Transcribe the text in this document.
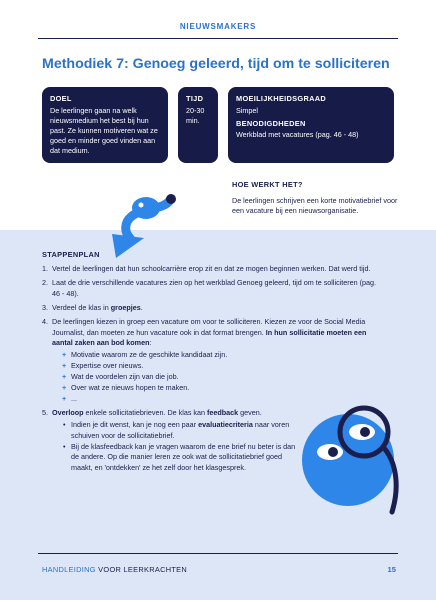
NIEUWSMAKERS
Methodiek 7: Genoeg geleerd, tijd om te solliciteren
DOEL
De leerlingen gaan na welk nieuwsmedium het best bij hun past. Ze kunnen motiveren wat ze goed en minder goed vinden aan dat medium.
TIJD
20-30 min.
MOEILIJKHEIDSGRAAD
Simpel
BENODIGDHEDEN
Werkblad met vacatures (pag. 46 - 48)
HOE WERKT HET?
De leerlingen schrijven een korte motivatiebrief voor een vacature bij een nieuwsorganisatie.
STAPPENPLAN
1. Vertel de leerlingen dat hun schoolcarrière erop zit en dat ze mogen beginnen werken. Dat werd tijd.
2. Laat de drie verschillende vacatures zien op het werkblad Genoeg geleerd, tijd om te solliciteren (pag. 46 - 48).
3. Verdeel de klas in groepjes.
4. De leerlingen kiezen in groep een vacature om voor te solliciteren. Kiezen ze voor de Social Media Journalist, dan moeten ze hun vacature ook in dat format brengen. In hun sollicitatie moeten een aantal zaken aan bod komen:
+ Motivatie waarom ze de geschikte kandidaat zijn.
+ Expertise over nieuws.
+ Wat de voordelen zijn van die job.
+ Over wat ze nieuws hopen te maken.
+ ...
5. Overloop enkele sollicitatiebrieven. De klas kan feedback geven.
• Indien je dit wenst, kan je nog een paar evaluatiecriteria naar voren schuiven voor de sollicitatiebrief.
• Bij de klasfeedback kan je vragen waarom de ene brief nu beter is dan de andere. Op die manier leren ze ook wat de sollicitatiebrief goed maakt, en 'ontdekken' ze het zelf door het klasgesprek.
HANDLEIDING VOOR LEERKRACHTEN	15
